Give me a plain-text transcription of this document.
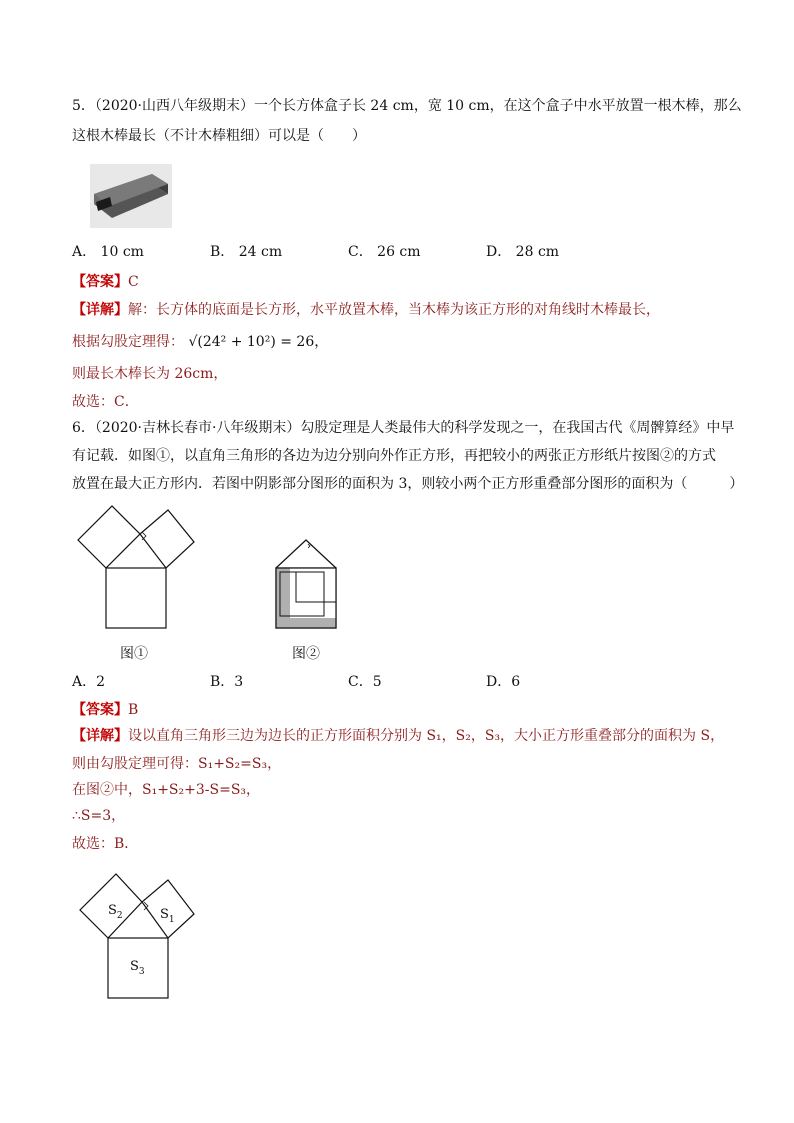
5．（2020·山西八年级期末）一个长方体盒子长 24 cm，宽 10 cm，在这个盒子中水平放置一根木棒，那么
这根木棒最长（不计木棒粗细）可以是（　　）
A． 10 cm	B． 24 cm	C． 26 cm	D． 28 cm
【答案】C
【详解】解：长方体的底面是长方形，水平放置木棒，当木棒为该正方形的对角线时木棒最长，
根据勾股定理得： √(24² + 10²) = 26，
则最长木棒长为 26cm，
故选：C．
6．（2020·吉林长春市·八年级期末）勾股定理是人类最伟大的科学发现之一，在我国古代《周髀算经》中早
有记载．如图①，以直角三角形的各边为边分别向外作正方形，再把较小的两张正方形纸片按图②的方式
放置在最大正方形内．若图中阴影部分图形的面积为 3，则较小两个正方形重叠部分图形的面积为（　　　）
图①	图②
A．2	B．3	C．5	D．6
【答案】B
【详解】设以直角三角形三边为边长的正方形面积分别为 S₁，S₂，S₃，大小正方形重叠部分的面积为 S，
则由勾股定理可得：S₁+S₂=S₃，
在图②中，S₁+S₂+3-S=S₃，
∴S=3，
故选：B．
$S_2$	$S_1$
$S_3$
